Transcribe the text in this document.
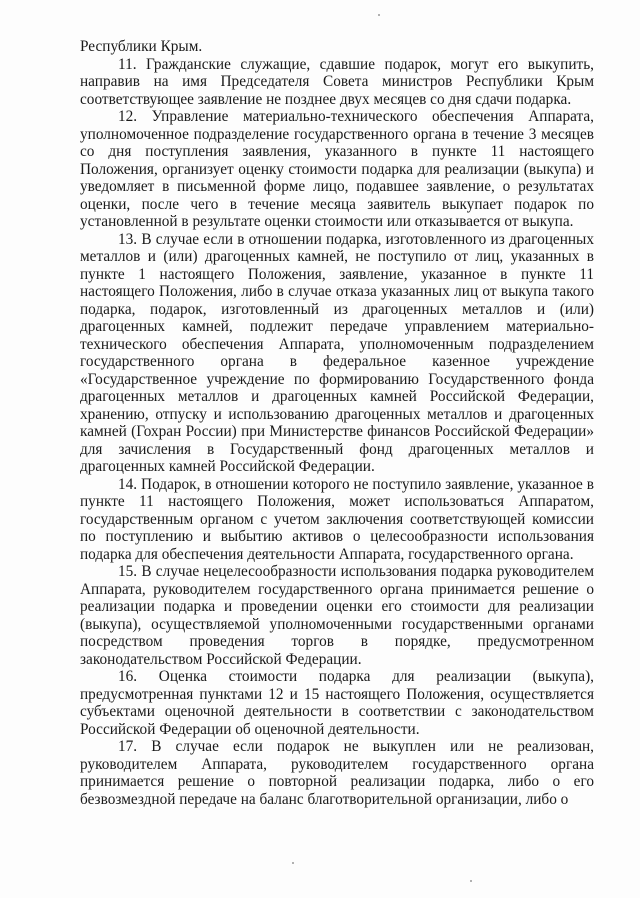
Республики Крым.

11. Гражданские служащие, сдавшие подарок, могут его выкупить, направив на имя Председателя Совета министров Республики Крым соответствующее заявление не позднее двух месяцев со дня сдачи подарка.

12. Управление материально-технического обеспечения Аппарата, уполномоченное подразделение государственного органа в течение 3 месяцев со дня поступления заявления, указанного в пункте 11 настоящего Положения, организует оценку стоимости подарка для реализации (выкупа) и уведомляет в письменной форме лицо, подавшее заявление, о результатах оценки, после чего в течение месяца заявитель выкупает подарок по установленной в результате оценки стоимости или отказывается от выкупа.

13. В случае если в отношении подарка, изготовленного из драгоценных металлов и (или) драгоценных камней, не поступило от лиц, указанных в пункте 1 настоящего Положения, заявление, указанное в пункте 11 настоящего Положения, либо в случае отказа указанных лиц от выкупа такого подарка, подарок, изготовленный из драгоценных металлов и (или) драгоценных камней, подлежит передаче управлением материально-технического обеспечения Аппарата, уполномоченным подразделением государственного органа в федеральное казенное учреждение «Государственное учреждение по формированию Государственного фонда драгоценных металлов и драгоценных камней Российской Федерации, хранению, отпуску и использованию драгоценных металлов и драгоценных камней (Гохран России) при Министерстве финансов Российской Федерации» для зачисления в Государственный фонд драгоценных металлов и драгоценных камней Российской Федерации.

14. Подарок, в отношении которого не поступило заявление, указанное в пункте 11 настоящего Положения, может использоваться Аппаратом, государственным органом с учетом заключения соответствующей комиссии по поступлению и выбытию активов о целесообразности использования подарка для обеспечения деятельности Аппарата, государственного органа.

15. В случае нецелесообразности использования подарка руководителем Аппарата, руководителем государственного органа принимается решение о реализации подарка и проведении оценки его стоимости для реализации (выкупа), осуществляемой уполномоченными государственными органами посредством проведения торгов в порядке, предусмотренном законодательством Российской Федерации.

16. Оценка стоимости подарка для реализации (выкупа), предусмотренная пунктами 12 и 15 настоящего Положения, осуществляется субъектами оценочной деятельности в соответствии с законодательством Российской Федерации об оценочной деятельности.

17. В случае если подарок не выкуплен или не реализован, руководителем Аппарата, руководителем государственного органа принимается решение о повторной реализации подарка, либо о его безвозмездной передаче на баланс благотворительной организации, либо о
